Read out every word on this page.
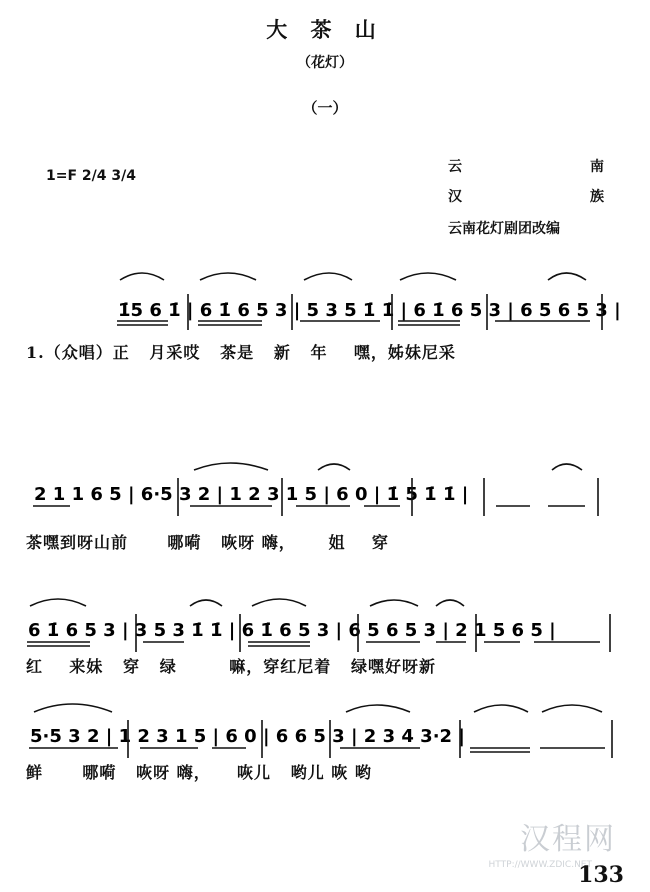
大 茶 山
（花灯）
（一）
1=F 2/4 3/4
云	南
汉	族
云南花灯剧团改编
1̇5 6 1̇ | 6 1̇ 6 5 3 | 5 3 5 1̇ 1̇ | 6 1̇ 6 5 3 | 6 5 6 5 3 |
1.（众唱）正   月采哎   茶是   新   年    嘿，姊妹尼采
2 1 1 6 5 | 6·5 3 2 | 1 2 3 1 5 | 6 0 | 1̇ 5 1̇ 1̇ |
茶嘿到呀山前      哪嗬   咴呀 嗨，     姐    穿
6 1̇ 6 5 3 | 3 5 3 1̇ 1̇ | 6 1̇ 6 5 3 | 6 5 6 5 3 | 2 1 5 6 5 |
红    来妹   穿   绿        嘛，穿红尼着   绿嘿好呀新
5·5 3 2 | 1 2 3 1 5 | 6 0 | 6 6 5 3 | 2 3 4 3·2 |
鲜      哪嗬   咴呀 嗨，    咴儿   哟儿 咴 哟
汉程网
HTTP://WWW.ZDIC.NET
133
